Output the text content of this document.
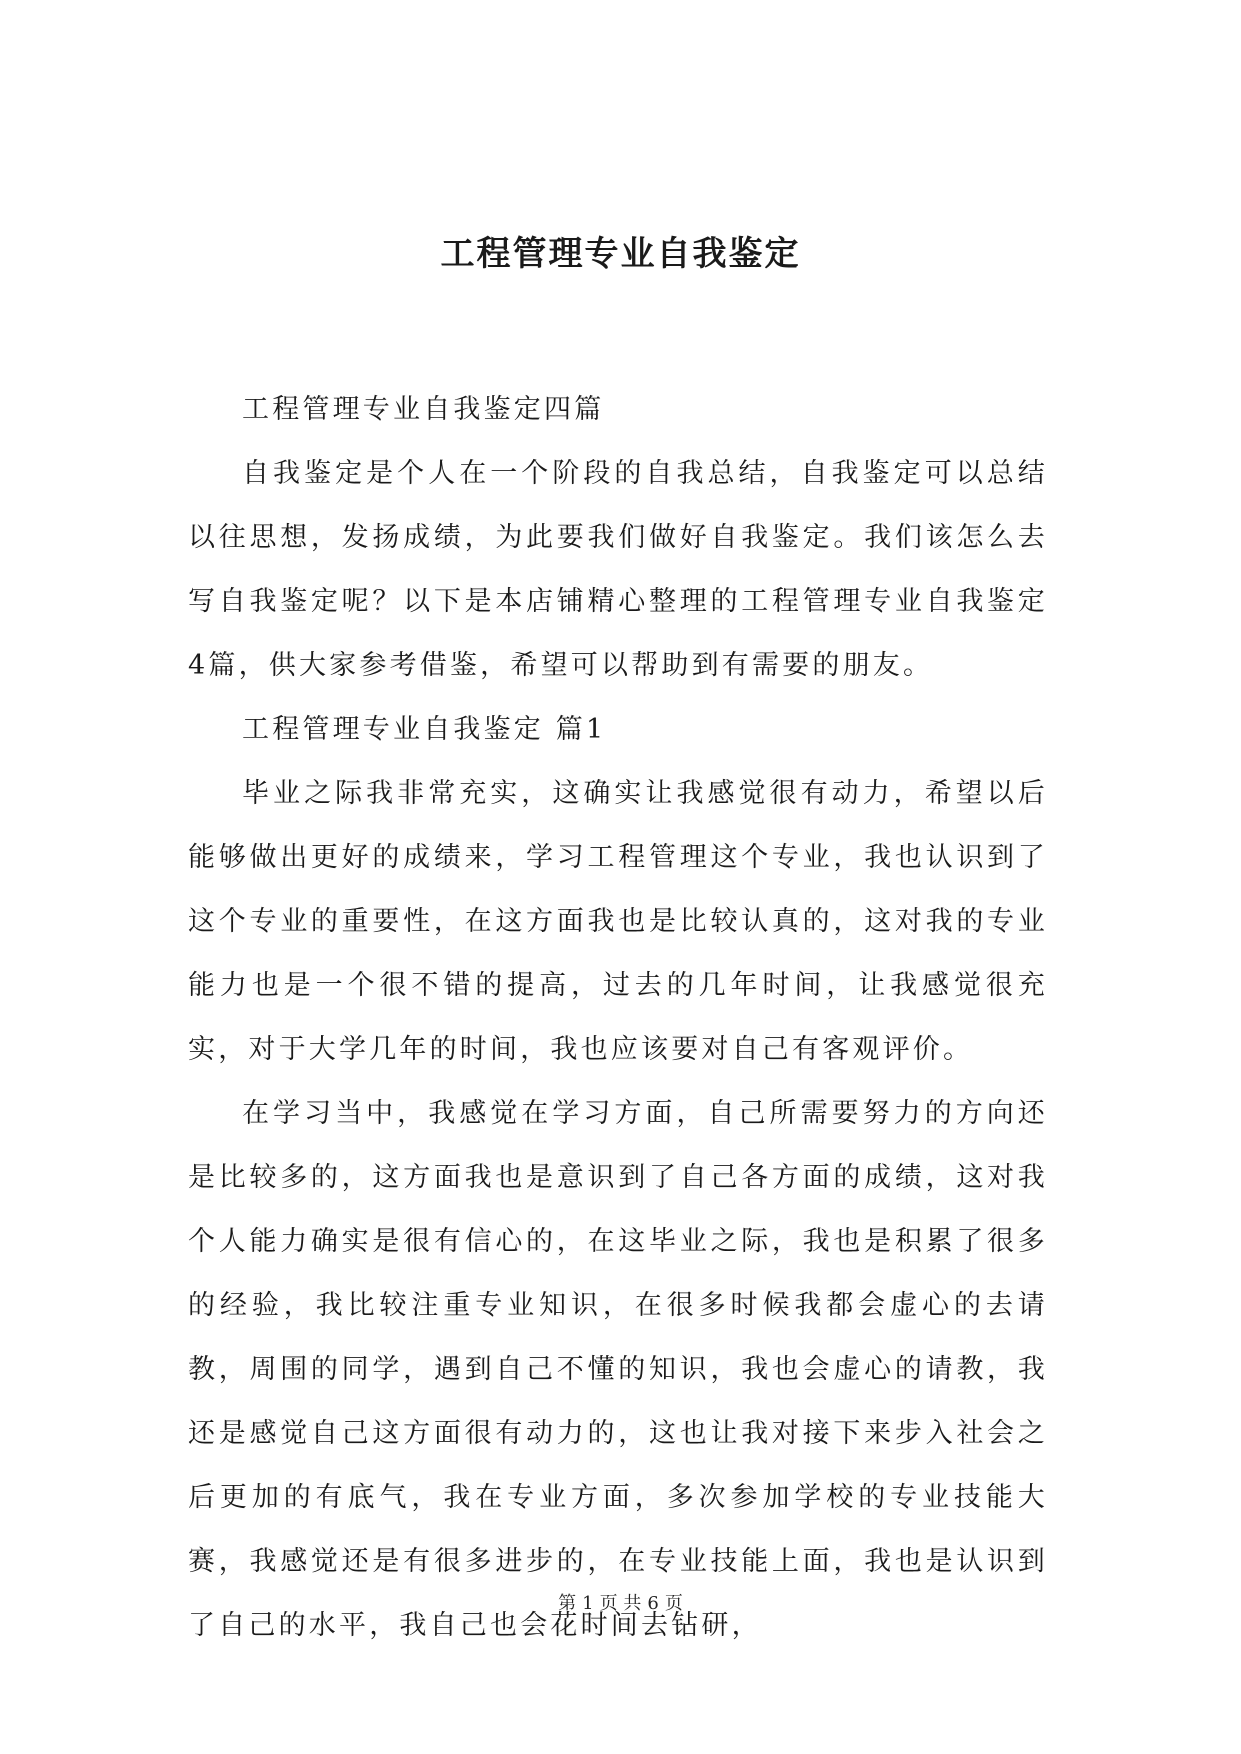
工程管理专业自我鉴定

工程管理专业自我鉴定四篇

自我鉴定是个人在一个阶段的自我总结，自我鉴定可以总结以往思想，发扬成绩，为此要我们做好自我鉴定。我们该怎么去写自我鉴定呢？以下是本店铺精心整理的工程管理专业自我鉴定4篇，供大家参考借鉴，希望可以帮助到有需要的朋友。

工程管理专业自我鉴定 篇1

毕业之际我非常充实，这确实让我感觉很有动力，希望以后能够做出更好的成绩来，学习工程管理这个专业，我也认识到了这个专业的重要性，在这方面我也是比较认真的，这对我的专业能力也是一个很不错的提高，过去的几年时间，让我感觉很充实，对于大学几年的时间，我也应该要对自己有客观评价。

在学习当中，我感觉在学习方面，自己所需要努力的方向还是比较多的，这方面我也是意识到了自己各方面的成绩，这对我个人能力确实是很有信心的，在这毕业之际，我也是积累了很多的经验，我比较注重专业知识，在很多时候我都会虚心的去请教，周围的同学，遇到自己不懂的知识，我也会虚心的请教，我还是感觉自己这方面很有动力的，这也让我对接下来步入社会之后更加的有底气，我在专业方面，多次参加学校的专业技能大赛，我感觉还是有很多进步的，在专业技能上面，我也是认识到了自己的水平，我自己也会花时间去钻研，

第 1 页 共 6 页
